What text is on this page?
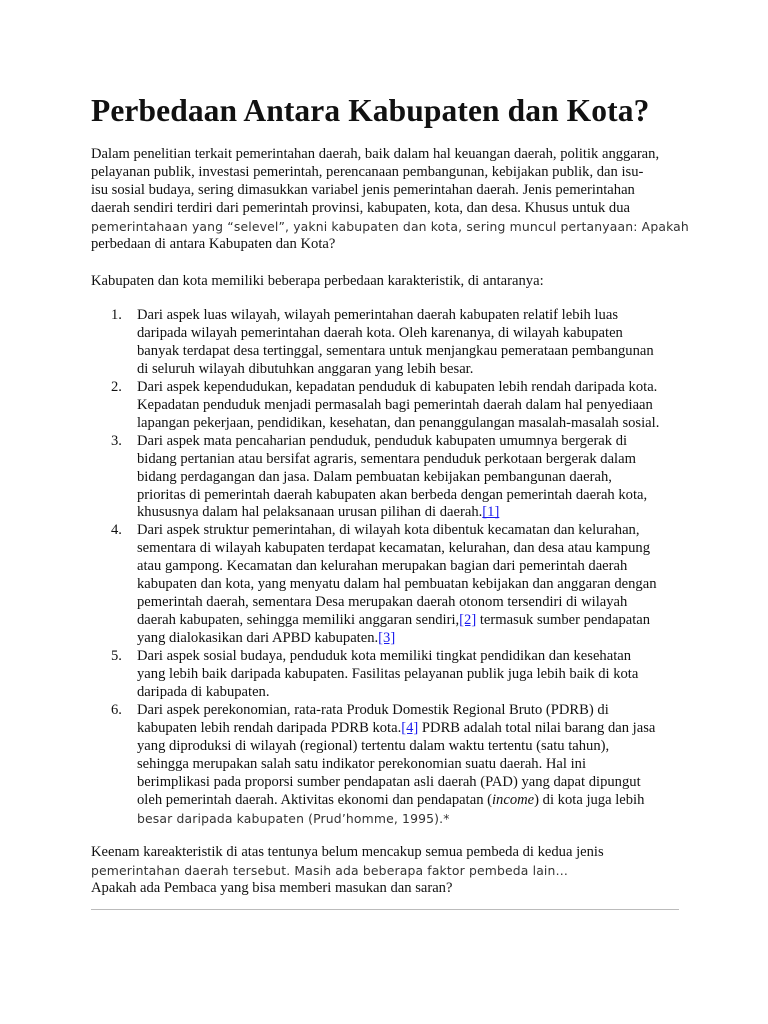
Perbedaan Antara Kabupaten dan Kota?

Dalam penelitian terkait pemerintahan daerah, baik dalam hal keuangan daerah, politik anggaran,
pelayanan publik, investasi pemerintah, perencanaan pembangunan, kebijakan publik, dan isu-
isu sosial budaya, sering dimasukkan variabel jenis pemerintahan daerah. Jenis pemerintahan
daerah sendiri terdiri dari pemerintah provinsi, kabupaten, kota, dan desa. Khusus untuk dua
pemerintahaan yang “selevel”, yakni kabupaten dan kota, sering muncul pertanyaan: Apakah
perbedaan di antara Kabupaten dan Kota?

Kabupaten dan kota memiliki beberapa perbedaan karakteristik, di antaranya:

1.	Dari aspek luas wilayah, wilayah pemerintahan daerah kabupaten relatif lebih luas
daripada wilayah pemerintahan daerah kota. Oleh karenanya, di wilayah kabupaten
banyak terdapat desa tertinggal, sementara untuk menjangkau pemerataan pembangunan
di seluruh wilayah dibutuhkan anggaran yang lebih besar.
2.	Dari aspek kependudukan, kepadatan penduduk di kabupaten lebih rendah daripada kota.
Kepadatan penduduk menjadi permasalah bagi pemerintah daerah dalam hal penyediaan
lapangan pekerjaan, pendidikan, kesehatan, dan penanggulangan masalah-masalah sosial.
3.	Dari aspek mata pencaharian penduduk, penduduk kabupaten umumnya bergerak di
bidang pertanian atau bersifat agraris, sementara penduduk perkotaan bergerak dalam
bidang perdagangan dan jasa. Dalam pembuatan kebijakan pembangunan daerah,
prioritas di pemerintah daerah kabupaten akan berbeda dengan pemerintah daerah kota,
khususnya dalam hal pelaksanaan urusan pilihan di daerah.[1]
4.	Dari aspek struktur pemerintahan, di wilayah kota dibentuk kecamatan dan kelurahan,
sementara di wilayah kabupaten terdapat kecamatan, kelurahan, dan desa atau kampung
atau gampong. Kecamatan dan kelurahan merupakan bagian dari pemerintah daerah
kabupaten dan kota, yang menyatu dalam hal pembuatan kebijakan dan anggaran dengan
pemerintah daerah, sementara Desa merupakan daerah otonom tersendiri di wilayah
daerah kabupaten, sehingga memiliki anggaran sendiri,[2] termasuk sumber pendapatan
yang dialokasikan dari APBD kabupaten.[3]
5.	Dari aspek sosial budaya, penduduk kota memiliki tingkat pendidikan dan kesehatan
yang lebih baik daripada kabupaten. Fasilitas pelayanan publik juga lebih baik di kota
daripada di kabupaten.
6.	Dari aspek perekonomian, rata-rata Produk Domestik Regional Bruto (PDRB) di
kabupaten lebih rendah daripada PDRB kota.[4] PDRB adalah total nilai barang dan jasa
yang diproduksi di wilayah (regional) tertentu dalam waktu tertentu (satu tahun),
sehingga merupakan salah satu indikator perekonomian suatu daerah. Hal ini
berimplikasi pada proporsi sumber pendapatan asli daerah (PAD) yang dapat dipungut
oleh pemerintah daerah. Aktivitas ekonomi dan pendapatan (income) di kota juga lebih
besar daripada kabupaten (Prud’homme, 1995).*

Keenam kareakteristik di atas tentunya belum mencakup semua pembeda di kedua jenis
pemerintahan daerah tersebut. Masih ada beberapa faktor pembeda lain…
Apakah ada Pembaca yang bisa memberi masukan dan saran?
